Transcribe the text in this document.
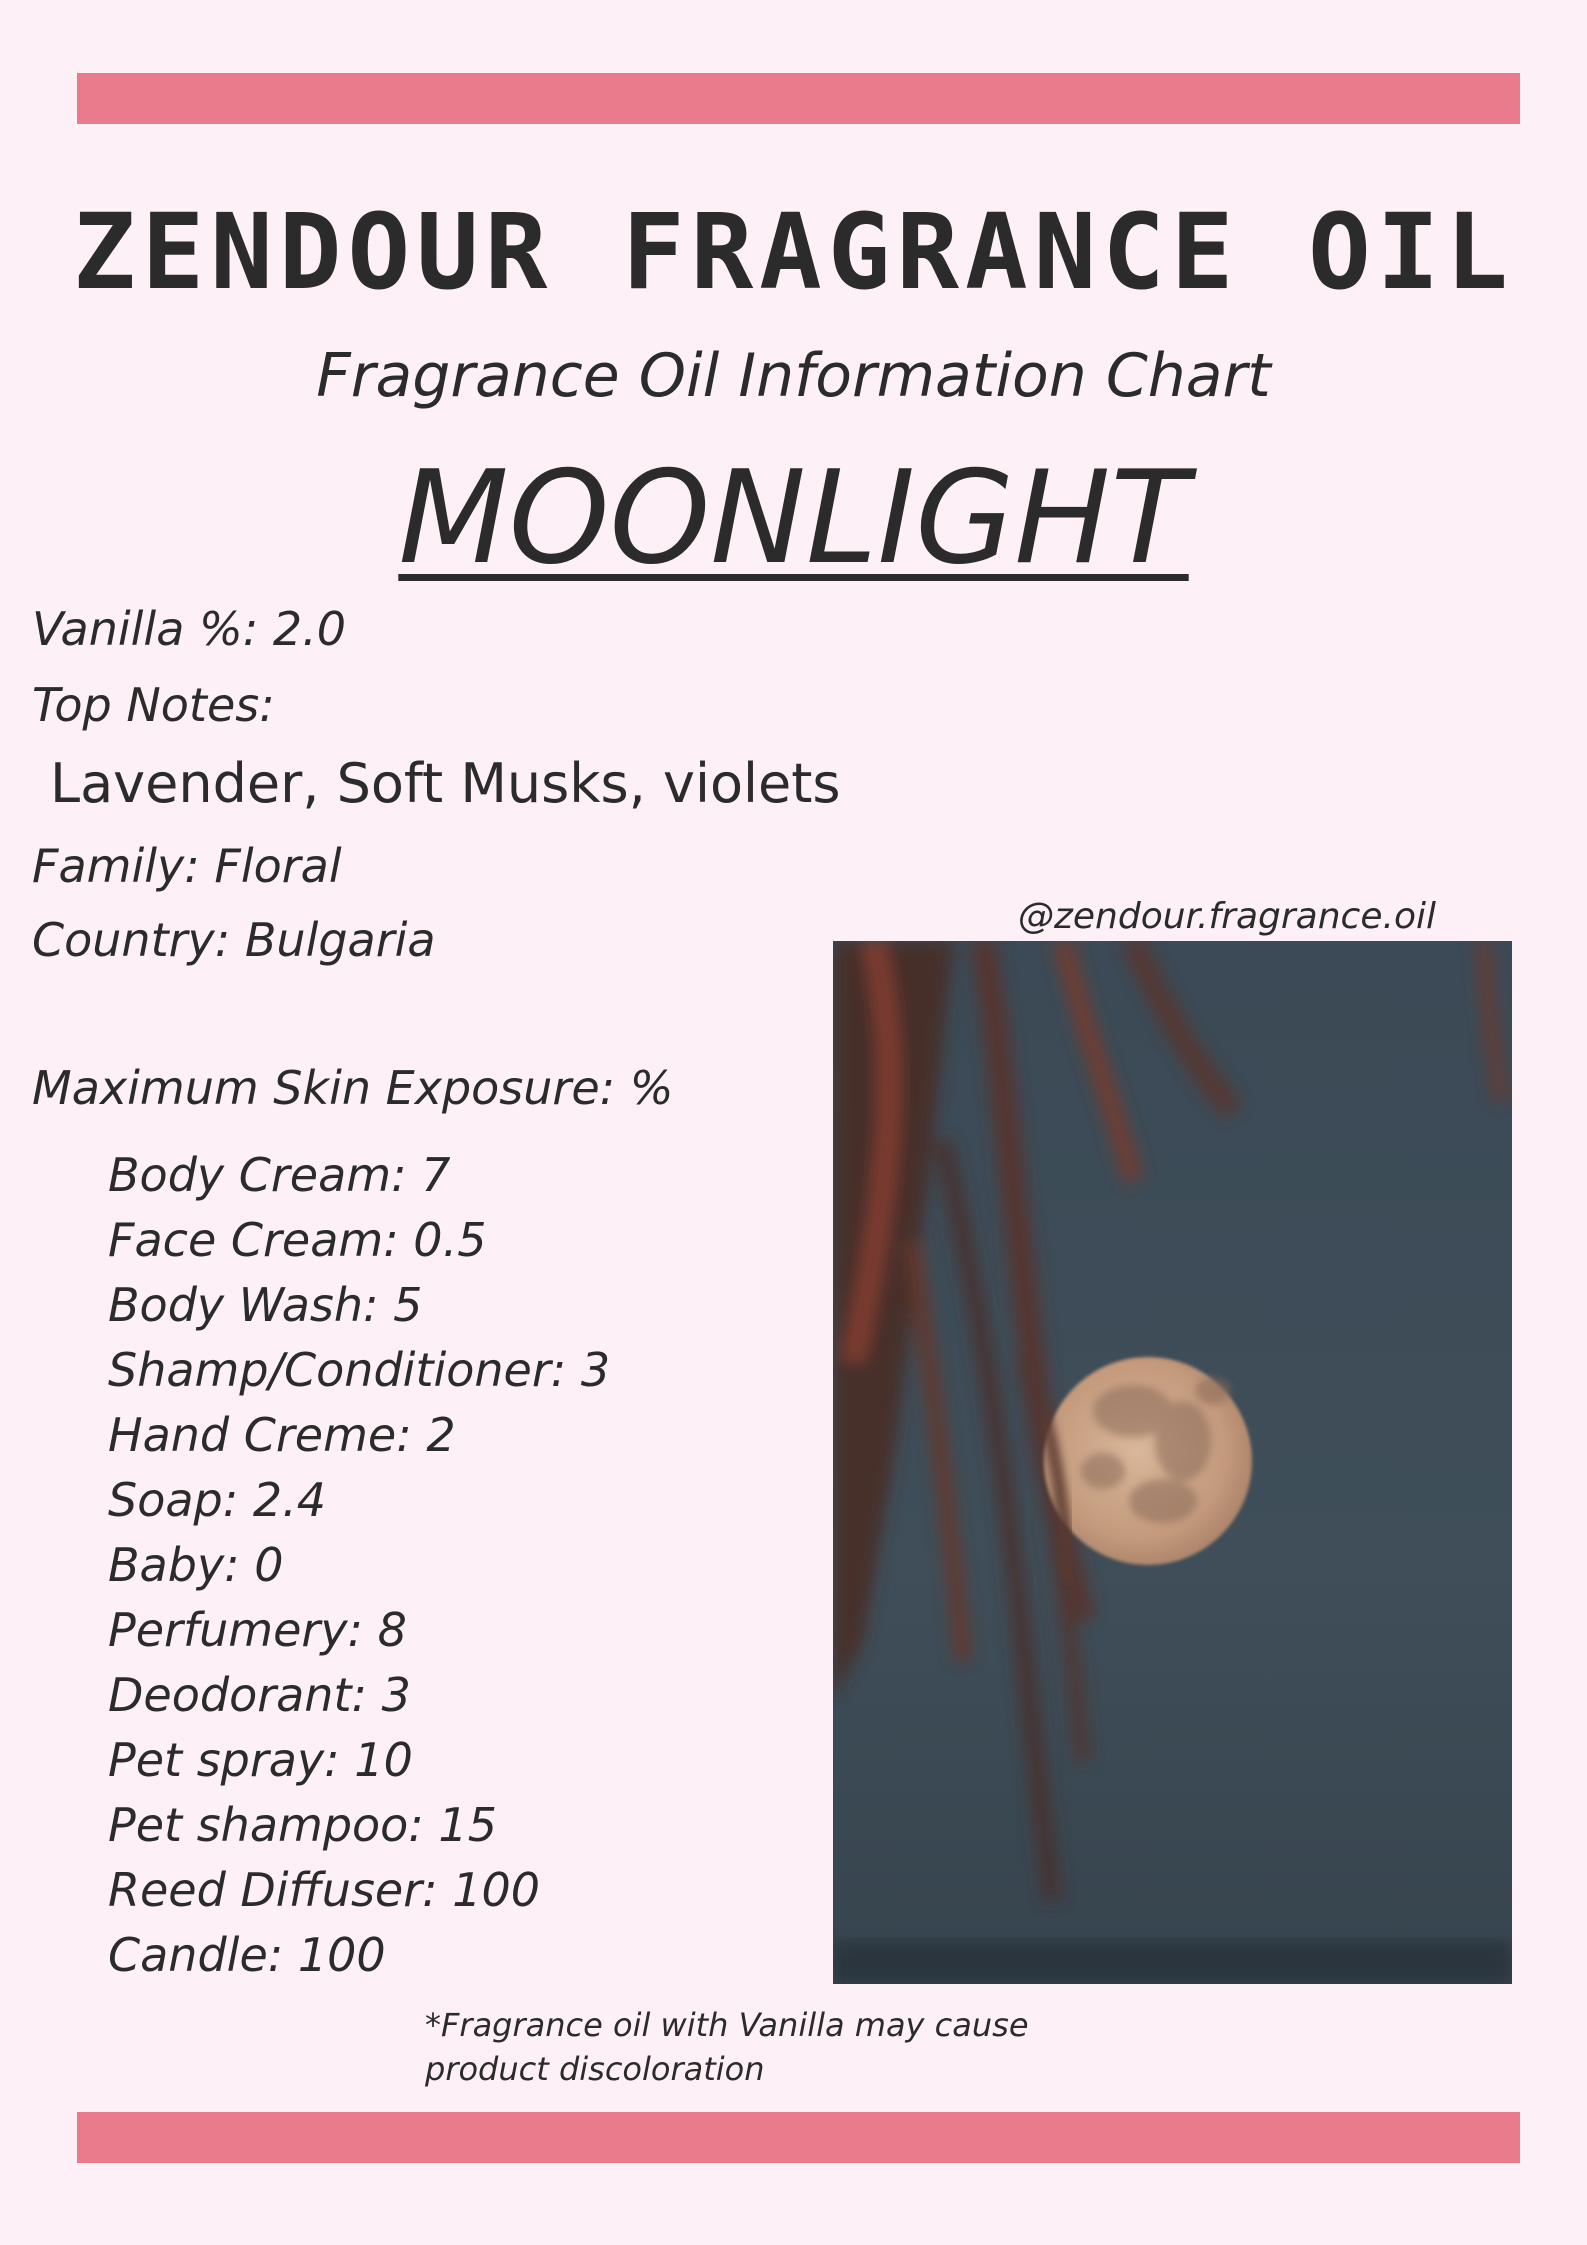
ZENDOUR FRAGRANCE OIL
Fragrance Oil Information Chart
MOONLIGHT
Vanilla %: 2.0
Top Notes:
Lavender, Soft Musks, violets
Family: Floral
Country: Bulgaria
Maximum Skin Exposure: %
Body Cream: 7
Face Cream: 0.5
Body Wash: 5
Shamp/Conditioner: 3
Hand Creme: 2
Soap: 2.4
Baby: 0
Perfumery: 8
Deodorant: 3
Pet spray: 10
Pet shampoo: 15
Reed Diffuser: 100
Candle: 100
@zendour.fragrance.oil
*Fragrance oil with Vanilla may cause product discoloration
